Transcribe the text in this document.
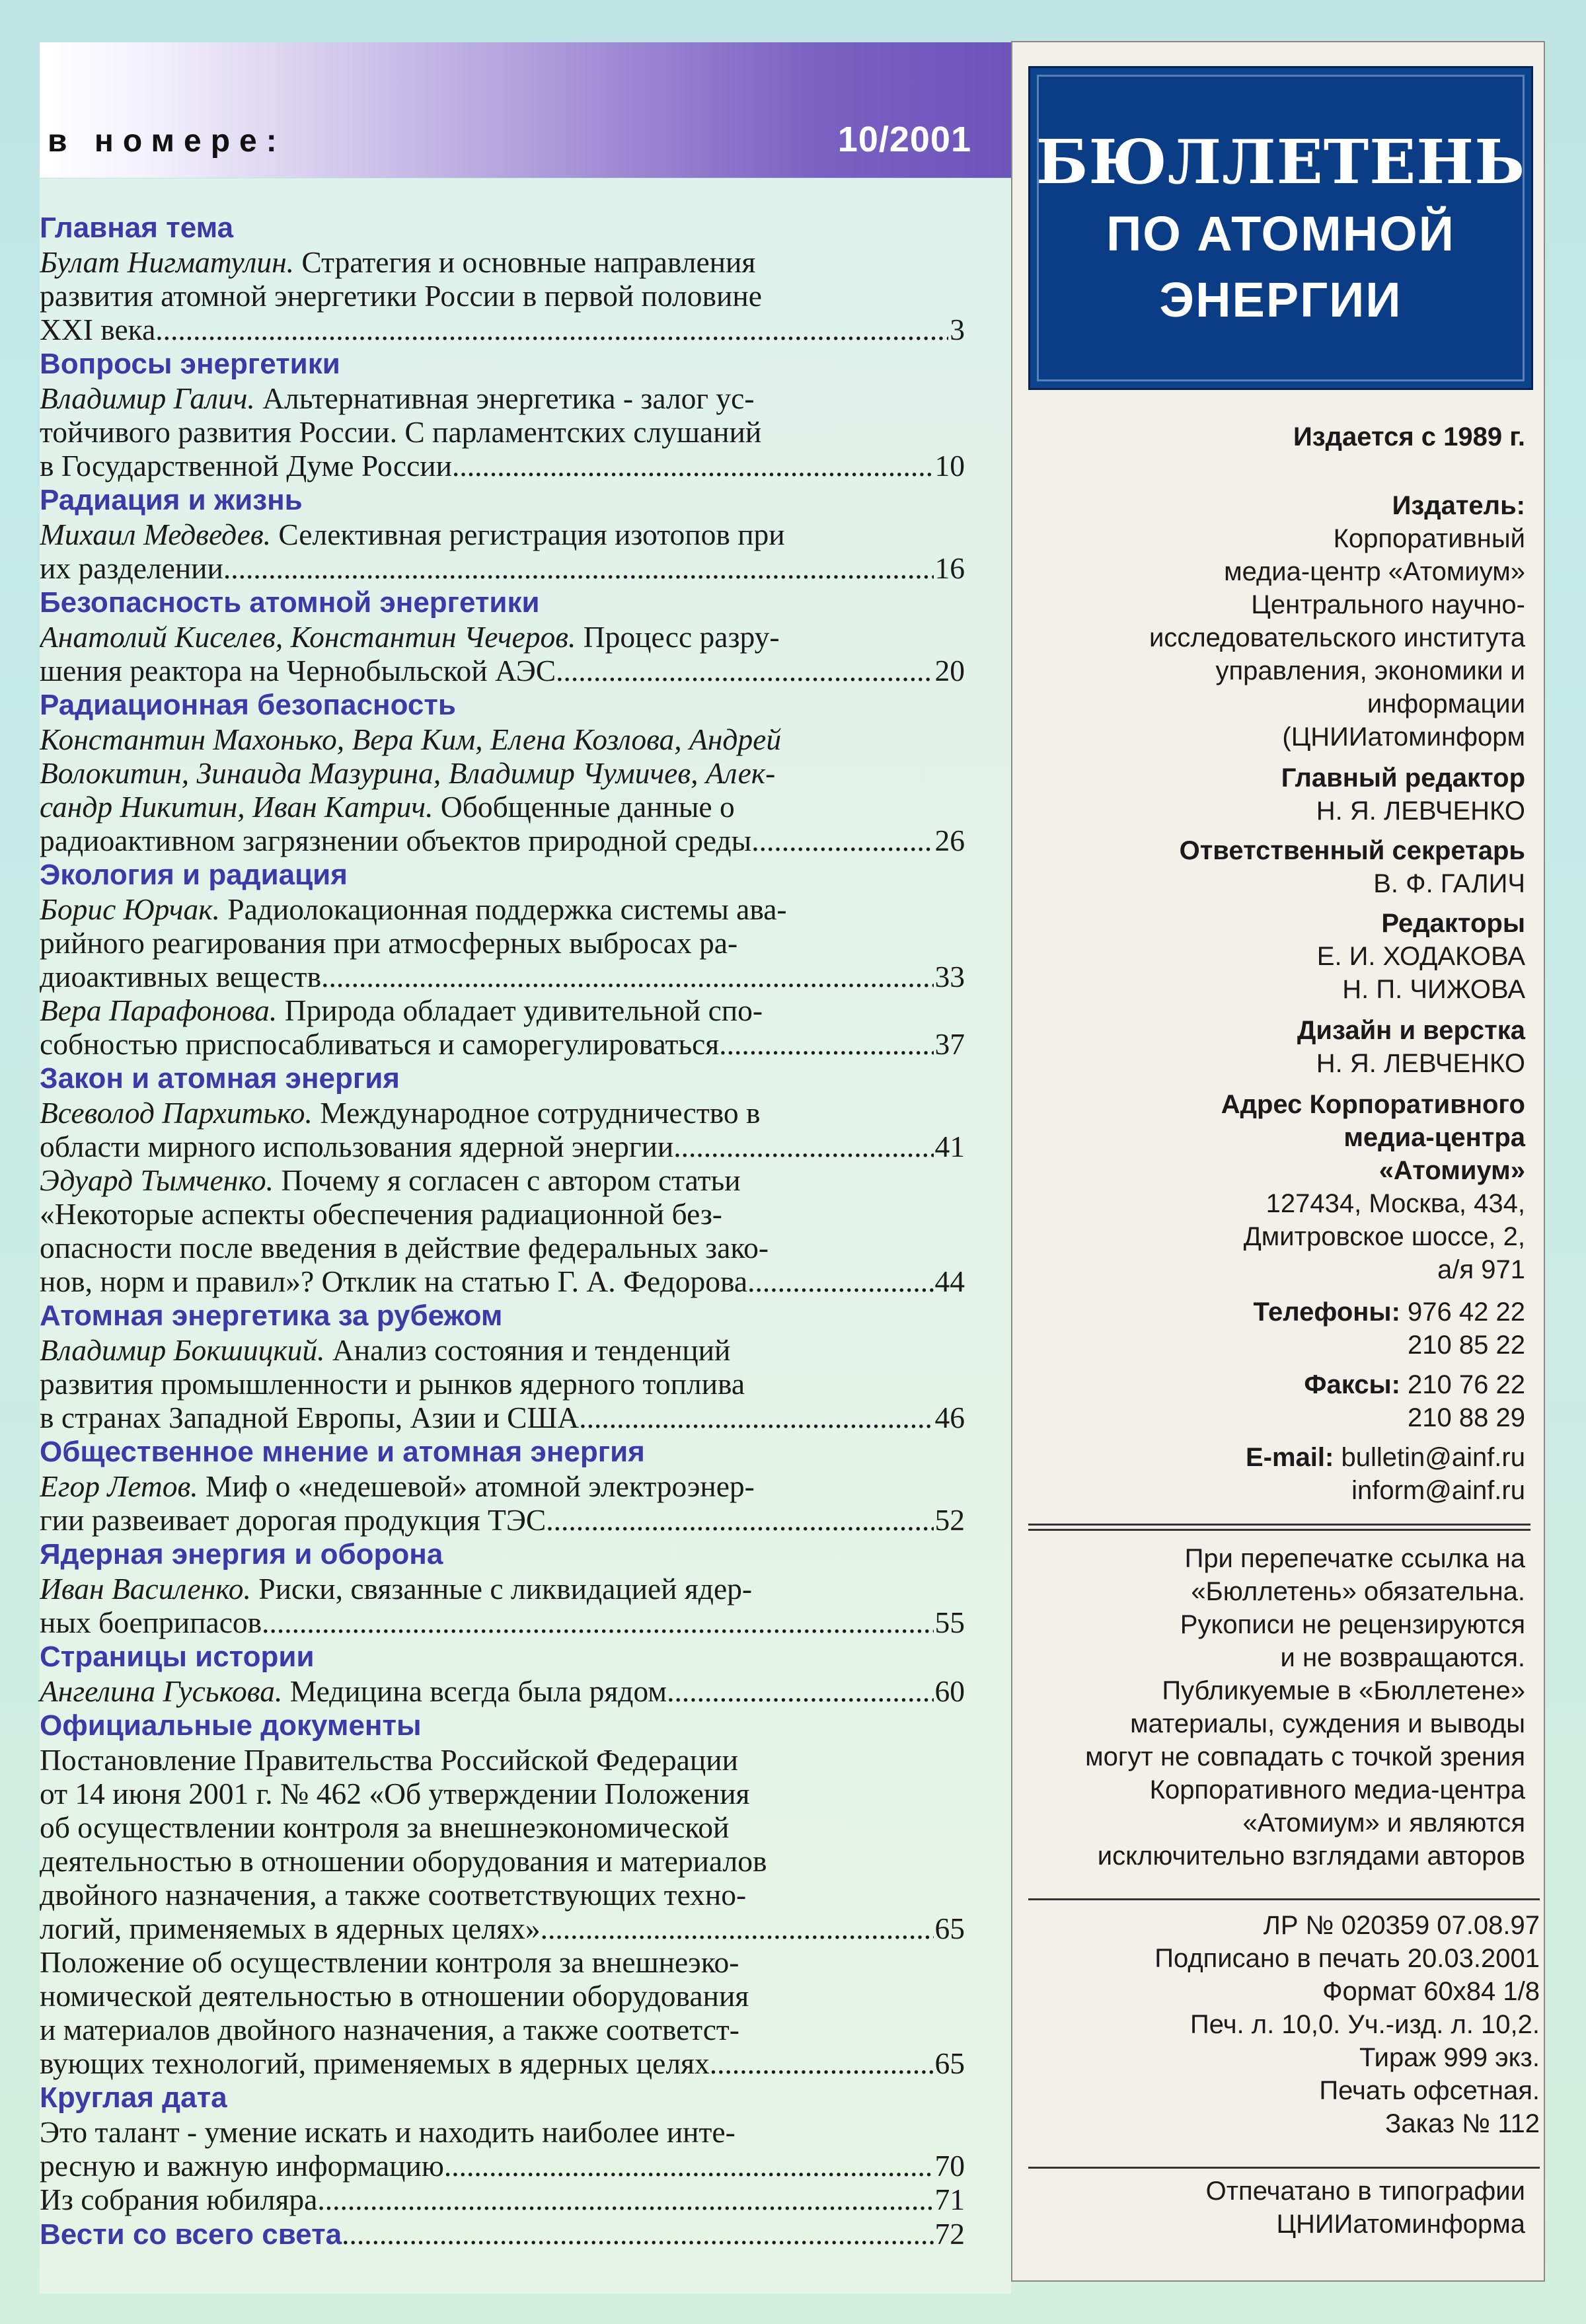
в номере:	10/2001
Главная тема
Булат Нигматулин. Стратегия и основные направления
развития атомной энергетики России в первой половине
XXI века .....	3
Вопросы энергетики
Владимир Галич. Альтернативная энергетика - залог ус-
тойчивого развития России. С парламентских слушаний
в Государственной Думе России .....	10
Радиация и жизнь
Михаил Медведев. Селективная регистрация изотопов при
их разделении .....	16
Безопасность атомной энергетики
Анатолий Киселев, Константин Чечеров. Процесс разру-
шения реактора на Чернобыльской АЭС .....	20
Радиационная безопасность
Константин Махонько, Вера Ким, Елена Козлова, Андрей
Волокитин, Зинаида Мазурина, Владимир Чумичев, Алек-
сандр Никитин, Иван Катрич. Обобщенные данные о
радиоактивном загрязнении объектов природной среды .....	26
Экология и радиация
Борис Юрчак. Радиолокационная поддержка системы ава-
рийного реагирования при атмосферных выбросах ра-
диоактивных веществ .....	33
Вера Парафонова. Природа обладает удивительной спо-
собностью приспосабливаться и саморегулироваться .....	37
Закон и атомная энергия
Всеволод Пархитько. Международное сотрудничество в
области мирного использования ядерной энергии .....	41
Эдуард Тымченко. Почему я согласен с автором статьи
«Некоторые аспекты обеспечения радиационной без-
опасности после введения в действие федеральных зако-
нов, норм и правил»? Отклик на статью Г. А. Федорова .....	44
Атомная энергетика за рубежом
Владимир Бокшицкий. Анализ состояния и тенденций
развития промышленности и рынков ядерного топлива
в странах Западной Европы, Азии и США .....	46
Общественное мнение и атомная энергия
Егор Летов. Миф о «недешевой» атомной электроэнер-
гии развеивает дорогая продукция ТЭС .....	52
Ядерная энергия и оборона
Иван Василенко. Риски, связанные с ликвидацией ядер-
ных боеприпасов .....	55
Страницы истории
Ангелина Гуськова. Медицина всегда была рядом .....	60
Официальные документы
Постановление Правительства Российской Федерации
от 14 июня 2001 г. № 462 «Об утверждении Положения
об осуществлении контроля за внешнеэкономической
деятельностью в отношении оборудования и материалов
двойного назначения, а также соответствующих техно-
логий, применяемых в ядерных целях» .....	65
Положение об осуществлении контроля за внешнеэко-
номической деятельностью в отношении оборудования
и материалов двойного назначения, а также соответст-
вующих технологий, применяемых в ядерных целях .....	65
Круглая дата
Это талант - умение искать и находить наиболее инте-
ресную и важную информацию .....	70
Из собрания юбиляра .....	71
Вести со всего света .....	72
БЮЛЛЕТЕНЬ
ПО АТОМНОЙ
ЭНЕРГИИ
Издается с 1989 г.
Издатель:
Корпоративный
медиа-центр «Атомиум»
Центрального научно-
исследовательского института
управления, экономики и
информации
(ЦНИИатоминформ
Главный редактор
Н. Я. ЛЕВЧЕНКО
Ответственный секретарь
В. Ф. ГАЛИЧ
Редакторы
Е. И. ХОДАКОВА
Н. П. ЧИЖОВА
Дизайн и верстка
Н. Я. ЛЕВЧЕНКО
Адрес Корпоративного
медиа-центра
«Атомиум»
127434, Москва, 434,
Дмитровское шоссе, 2,
а/я 971
Телефоны: 976 42 22
210 85 22
Факсы: 210 76 22
210 88 29
E-mail: bulletin@ainf.ru
inform@ainf.ru
При перепечатке ссылка на
«Бюллетень» обязательна.
Рукописи не рецензируются
и не возвращаются.
Публикуемые в «Бюллетене»
материалы, суждения и выводы
могут не совпадать с точкой зрения
Корпоративного медиа-центра
«Атомиум» и являются
исключительно взглядами авторов
ЛР № 020359 07.08.97
Подписано в печать 20.03.2001
Формат 60х84 1/8
Печ. л. 10,0. Уч.-изд. л. 10,2.
Тираж 999 экз.
Печать офсетная.
Заказ № 112
Отпечатано в типографии
ЦНИИатоминформа
